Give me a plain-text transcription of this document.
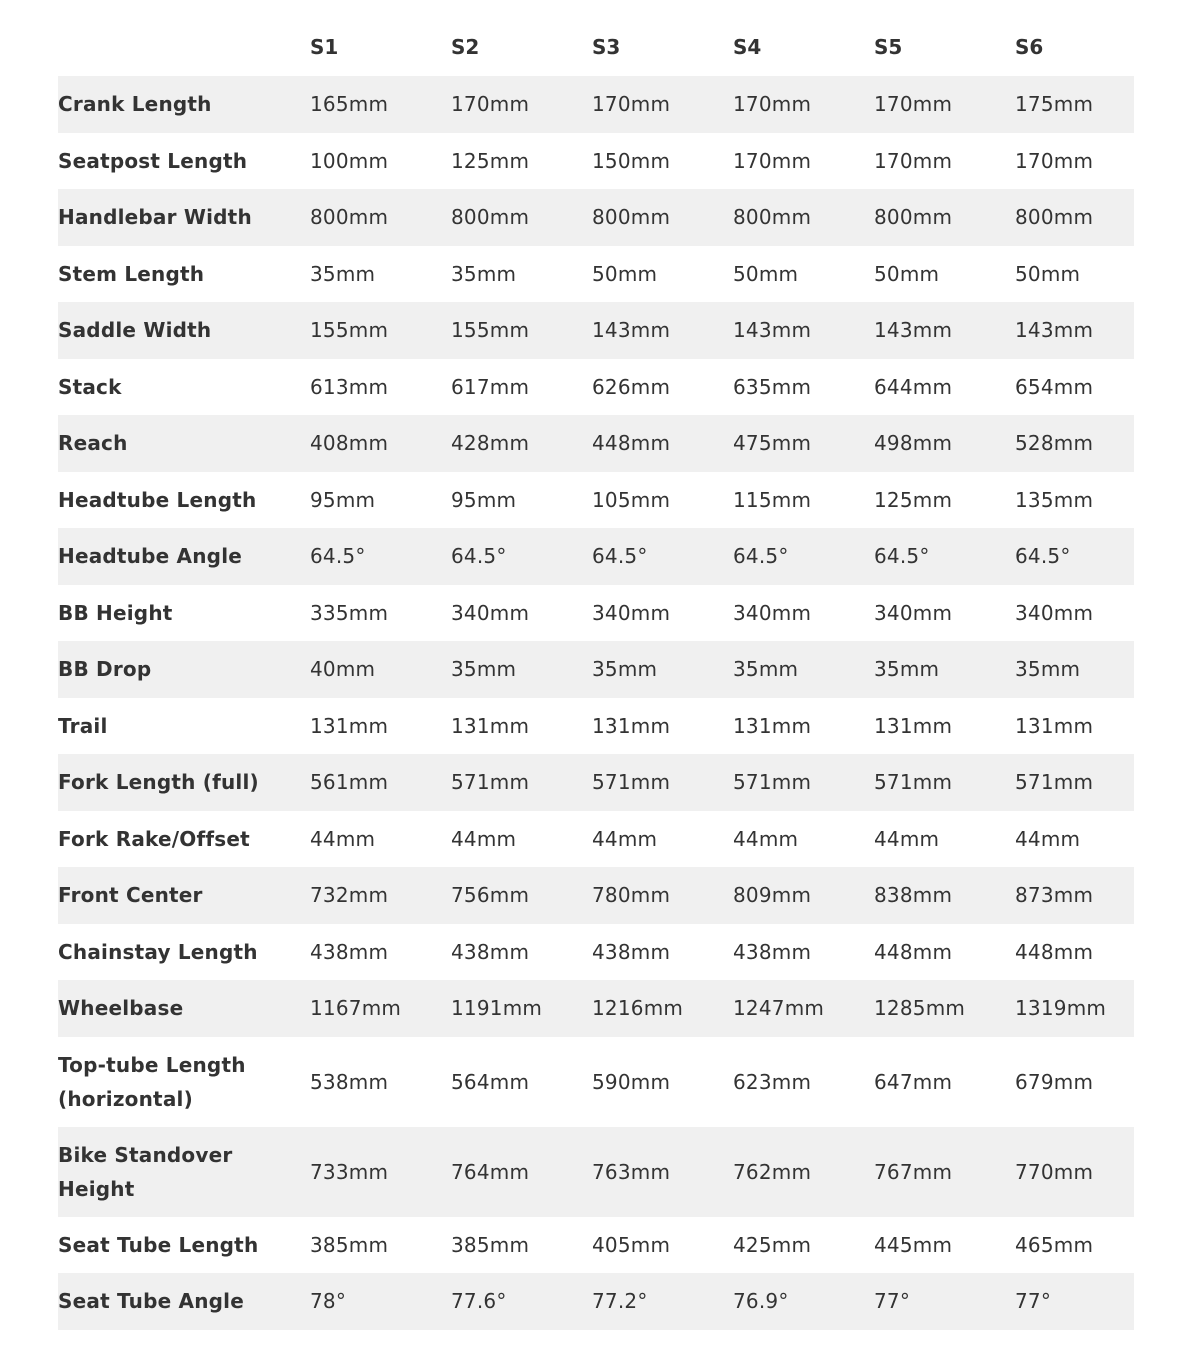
	S1	S2	S3	S4	S5	S6
Crank Length	165mm	170mm	170mm	170mm	170mm	175mm
Seatpost Length	100mm	125mm	150mm	170mm	170mm	170mm
Handlebar Width	800mm	800mm	800mm	800mm	800mm	800mm
Stem Length	35mm	35mm	50mm	50mm	50mm	50mm
Saddle Width	155mm	155mm	143mm	143mm	143mm	143mm
Stack	613mm	617mm	626mm	635mm	644mm	654mm
Reach	408mm	428mm	448mm	475mm	498mm	528mm
Headtube Length	95mm	95mm	105mm	115mm	125mm	135mm
Headtube Angle	64.5°	64.5°	64.5°	64.5°	64.5°	64.5°
BB Height	335mm	340mm	340mm	340mm	340mm	340mm
BB Drop	40mm	35mm	35mm	35mm	35mm	35mm
Trail	131mm	131mm	131mm	131mm	131mm	131mm
Fork Length (full)	561mm	571mm	571mm	571mm	571mm	571mm
Fork Rake/Offset	44mm	44mm	44mm	44mm	44mm	44mm
Front Center	732mm	756mm	780mm	809mm	838mm	873mm
Chainstay Length	438mm	438mm	438mm	438mm	448mm	448mm
Wheelbase	1167mm	1191mm	1216mm	1247mm	1285mm	1319mm
Top-tube Length (horizontal)	538mm	564mm	590mm	623mm	647mm	679mm
Bike Standover Height	733mm	764mm	763mm	762mm	767mm	770mm
Seat Tube Length	385mm	385mm	405mm	425mm	445mm	465mm
Seat Tube Angle	78°	77.6°	77.2°	76.9°	77°	77°
